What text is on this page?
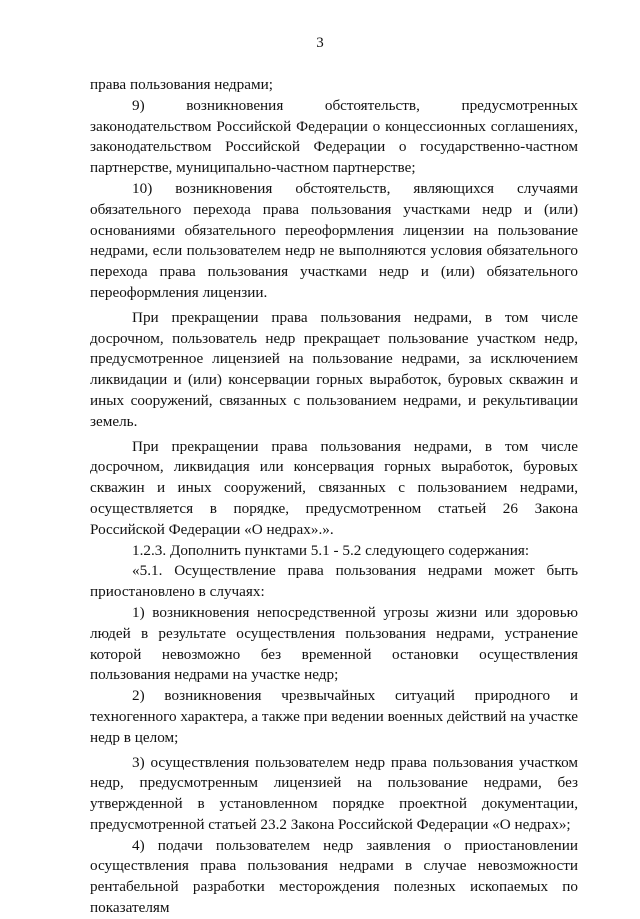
3

права пользования недрами;

9) возникновения обстоятельств, предусмотренных законодательством Российской Федерации о концессионных соглашениях, законодательством Российской Федерации о государственно-частном партнерстве, муниципально-частном партнерстве;

10) возникновения обстоятельств, являющихся случаями обязательного перехода права пользования участками недр и (или) основаниями обязательного переоформления лицензии на пользование недрами, если пользователем недр не выполняются условия обязательного перехода права пользования участками недр и (или) обязательного переоформления лицензии.

При прекращении права пользования недрами, в том числе досрочном, пользователь недр прекращает пользование участком недр, предусмотренное лицензией на пользование недрами, за исключением ликвидации и (или) консервации горных выработок, буровых скважин и иных сооружений, связанных с пользованием недрами, и рекультивации земель.

При прекращении права пользования недрами, в том числе досрочном, ликвидация или консервация горных выработок, буровых скважин и иных сооружений, связанных с пользованием недрами, осуществляется в порядке, предусмотренном статьей 26 Закона Российской Федерации «О недрах».».

1.2.3. Дополнить пунктами 5.1 - 5.2 следующего содержания:

«5.1. Осуществление права пользования недрами может быть приостановлено в случаях:

1) возникновения непосредственной угрозы жизни или здоровью людей в результате осуществления пользования недрами, устранение которой невозможно без временной остановки осуществления пользования недрами на участке недр;

2) возникновения чрезвычайных ситуаций природного и техногенного характера, а также при ведении военных действий на участке недр в целом;

3) осуществления пользователем недр права пользования участком недр, предусмотренным лицензией на пользование недрами, без утвержденной в установленном порядке проектной документации, предусмотренной статьей 23.2 Закона Российской Федерации «О недрах»;

4) подачи пользователем недр заявления о приостановлении осуществления права пользования недрами в случае невозможности рентабельной разработки месторождения полезных ископаемых по показателям
